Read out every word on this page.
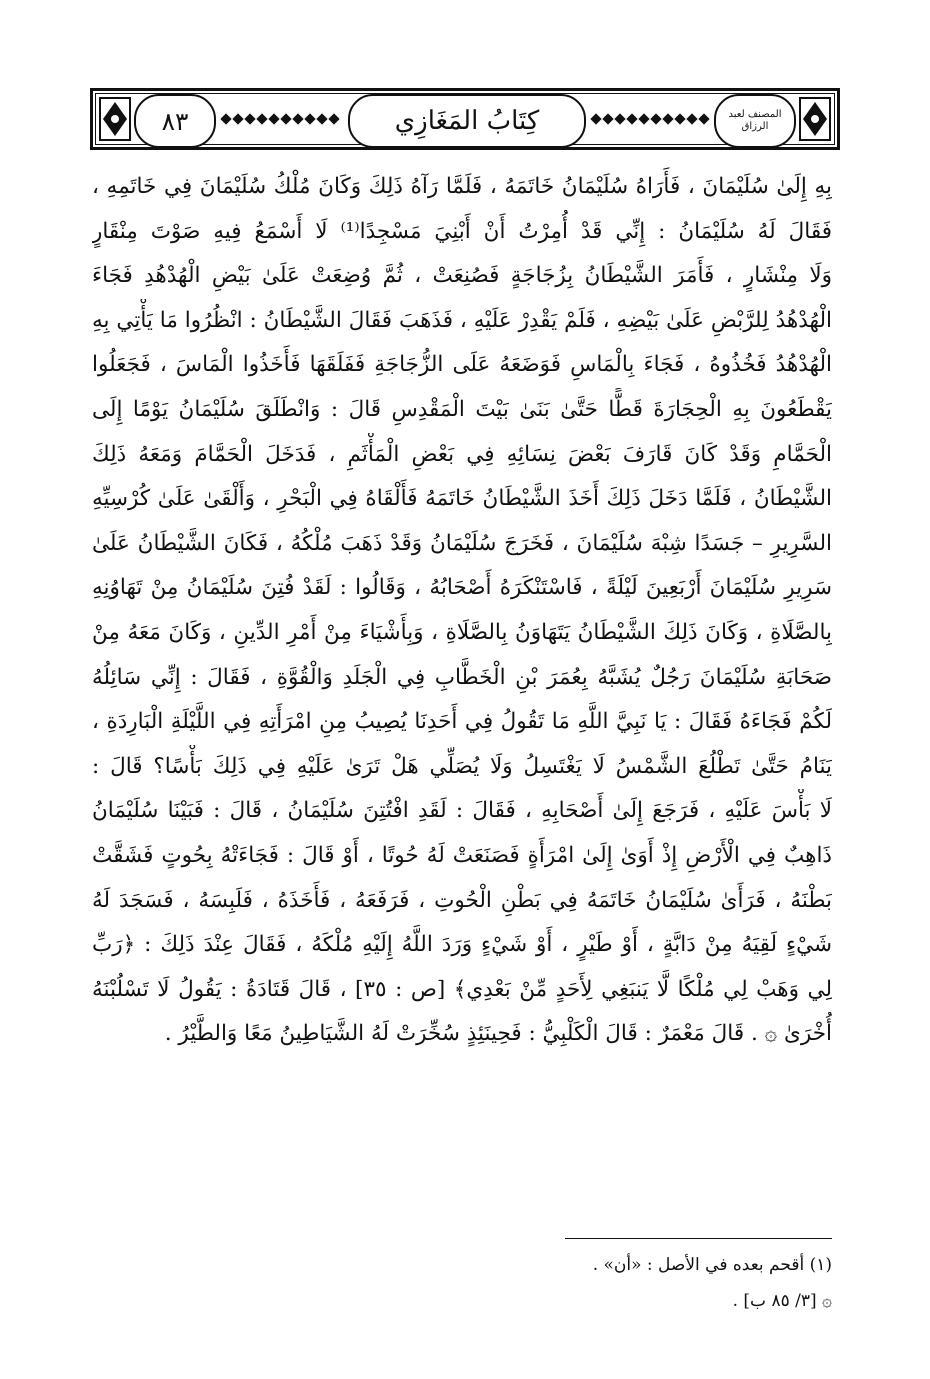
٨٣	كِتَابُ المَغَازِي	المصنف لعبد الرزاق
بِهِ إِلَىٰ سُلَيْمَانَ ، فَأَرَاهُ سُلَيْمَانُ خَاتَمَهُ ، فَلَمَّا رَآهُ ذَلِكَ وَكَانَ مُلْكُ سُلَيْمَانَ فِي خَاتَمِهِ ،
فَقَالَ لَهُ سُلَيْمَانُ : إِنِّي قَدْ أُمِرْتُ أَنْ أَبْنِيَ مَسْجِدًا⁽¹⁾ لَا أَسْمَعُ فِيهِ صَوْتَ مِنْقَارٍ
وَلَا مِنْشَارٍ ، فَأَمَرَ الشَّيْطَانُ بِزُجَاجَةٍ فَصُنِعَتْ ، ثُمَّ وُضِعَتْ عَلَىٰ بَيْضِ الْهُدْهُدِ فَجَاءَ
الْهُدْهُدُ لِلرَّبْضِ عَلَىٰ بَيْضِهِ ، فَلَمْ يَقْدِرْ عَلَيْهِ ، فَذَهَبَ فَقَالَ الشَّيْطَانُ : انْظُرُوا مَا يَأْتِي بِهِ
الْهُدْهُدُ فَخُذُوهُ ، فَجَاءَ بِالْمَاسِ فَوَضَعَهُ عَلَى الزُّجَاجَةِ فَفَلَقَهَا فَأَخَذُوا الْمَاسَ ، فَجَعَلُوا
يَقْطَعُونَ بِهِ الْحِجَارَةَ قَطًّا حَتَّىٰ بَنَىٰ بَيْتَ الْمَقْدِسِ قَالَ : وَانْطَلَقَ سُلَيْمَانُ يَوْمًا إِلَى
الْحَمَّامِ وَقَدْ كَانَ قَارَفَ بَعْضَ نِسَائِهِ فِي بَعْضِ الْمَأْثَمِ ، فَدَخَلَ الْحَمَّامَ وَمَعَهُ ذَلِكَ
الشَّيْطَانُ ، فَلَمَّا دَخَلَ ذَلِكَ أَخَذَ الشَّيْطَانُ خَاتَمَهُ فَأَلْقَاهُ فِي الْبَحْرِ ، وَأَلْقَىٰ عَلَىٰ كُرْسِيِّهِ
السَّرِيرِ – جَسَدًا شِبْهَ سُلَيْمَانَ ، فَخَرَجَ سُلَيْمَانُ وَقَدْ ذَهَبَ مُلْكُهُ ، فَكَانَ الشَّيْطَانُ عَلَىٰ
سَرِيرِ سُلَيْمَانَ أَرْبَعِينَ لَيْلَةً ، فَاسْتَنْكَرَهُ أَصْحَابُهُ ، وَقَالُوا : لَقَدْ فُتِنَ سُلَيْمَانُ مِنْ تَهَاوُنِهِ
بِالصَّلَاةِ ، وَكَانَ ذَلِكَ الشَّيْطَانُ يَتَهَاوَنُ بِالصَّلَاةِ ، وَبِأَشْيَاءَ مِنْ أَمْرِ الدِّينِ ، وَكَانَ مَعَهُ مِنْ
صَحَابَةِ سُلَيْمَانَ رَجُلٌ يُشَبَّهُ بِعُمَرَ بْنِ الْخَطَّابِ فِي الْجَلَدِ وَالْقُوَّةِ ، فَقَالَ : إِنِّي سَائِلُهُ
لَكُمْ فَجَاءَهُ فَقَالَ : يَا نَبِيَّ اللَّهِ مَا تَقُولُ فِي أَحَدِنَا يُصِيبُ مِنِ امْرَأَتِهِ فِي اللَّيْلَةِ الْبَارِدَةِ ،
يَنَامُ حَتَّىٰ تَطْلُعَ الشَّمْسُ لَا يَغْتَسِلُ وَلَا يُصَلِّي هَلْ تَرَىٰ عَلَيْهِ فِي ذَلِكَ بَأْسًا؟ قَالَ :
لَا بَأْسَ عَلَيْهِ ، فَرَجَعَ إِلَىٰ أَصْحَابِهِ ، فَقَالَ : لَقَدِ افْتُتِنَ سُلَيْمَانُ ، قَالَ : فَبَيْنَا سُلَيْمَانُ
ذَاهِبٌ فِي الْأَرْضِ إِذْ أَوَىٰ إِلَىٰ امْرَأَةٍ فَصَنَعَتْ لَهُ حُوتًا ، أَوْ قَالَ : فَجَاءَتْهُ بِحُوتٍ فَشَقَّتْ
بَطْنَهُ ، فَرَأَىٰ سُلَيْمَانُ خَاتَمَهُ فِي بَطْنِ الْحُوتِ ، فَرَفَعَهُ ، فَأَخَذَهُ ، فَلَبِسَهُ ، فَسَجَدَ لَهُ
شَيْءٍ لَقِيَهُ مِنْ دَابَّةٍ ، أَوْ طَيْرٍ ، أَوْ شَيْءٍ وَرَدَ اللَّهُ إِلَيْهِ مُلْكَهُ ، فَقَالَ عِنْدَ ذَلِكَ : ﴿رَبِّ
لِي وَهَبْ لِي مُلْكًا لَّا يَنبَغِي لِأَحَدٍ مِّنْ بَعْدِي﴾ [ص : ٣٥] ، قَالَ قَتَادَةُ : يَقُولُ لَا تَسْلُبْنَهُ
أُخْرَىٰ ۞ . قَالَ مَعْمَرٌ : قَالَ الْكَلْبِيُّ : فَحِينَئِذٍ سُخِّرَتْ لَهُ الشَّيَاطِينُ مَعًا وَالطَّيْرُ .
(١) أقحم بعده في الأصل : «أن» .
۞ [٣/ ٨٥ ب] .
